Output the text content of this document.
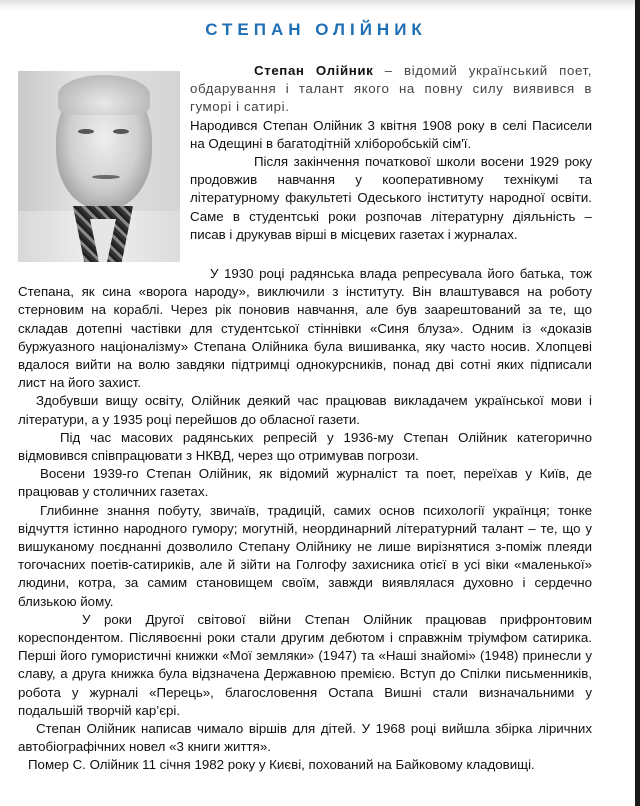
СТЕПАН ОЛІЙНИК

Степан Олійник – відомий український поет, обдарування і талант якого на повну силу виявився в гуморі і сатирі.

Народився Степан Олійник 3 квітня 1908 року в селі Пасисели на Одещині в багатодітній хліборобській сім'ї.

Після закінчення початкової школи восени 1929 року продовжив навчання у кооперативному технікумі та літературному факультеті Одеського інституту народної освіти. Саме в студентські роки розпочав літературну діяльність – писав і друкував вірші в місцевих газетах і журналах.

У 1930 році радянська влада репресувала його батька, тож Степана, як сина «ворога народу», виключили з інституту. Він влаштувався на роботу стерновим на кораблі. Через рік поновив навчання, але був заарештований за те, що складав дотепні частівки для студентської стіннівки «Синя блуза». Одним із «доказів буржуазного націоналізму» Степана Олійника була вишиванка, яку часто носив. Хлопцеві вдалося вийти на волю завдяки підтримці однокурсників, понад дві сотні яких підписали лист на його захист.

Здобувши вищу освіту, Олійник деякий час працював викладачем української мови і літератури, а у 1935 році перейшов до обласної газети.

Під час масових радянських репресій у 1936-му Степан Олійник категорично відмовився співпрацювати з НКВД, через що отримував погрози.

Восени 1939-го Степан Олійник, як відомий журналіст та поет, переїхав у Київ, де працював у столичних газетах.

Глибинне знання побуту, звичаїв, традицій, самих основ психології українця; тонке відчуття істинно народного гумору; могутній, неординарний літературний талант – те, що у вишуканому поєднанні дозволило Степану Олійнику не лише вирізнятися з-поміж плеяди тогочасних поетів-сатириків, але й зійти на Голгофу захисника отієї в усі віки «маленької» людини, котра, за самим становищем своїм, завжди виявлялася духовно і сердечно близькою йому.

У роки Другої світової війни Степан Олійник працював прифронтовим кореспондентом. Післявоєнні роки стали другим дебютом і справжнім тріумфом сатирика. Перші його гумористичні книжки «Мої земляки» (1947) та «Наші знайомі» (1948) принесли у славу, а друга книжка була відзначена Державною премією. Вступ до Спілки письменників, робота у журналі «Перець», благословення Остапа Вишні стали визначальними у подальшій творчій кар’єрі.

Степан Олійник написав чимало віршів для дітей. У 1968 році вийшла збірка ліричних автобіографічних новел «3 книги життя».

Помер С. Олійник 11 січня 1982 року у Києві, похований на Байковому кладовищі.
